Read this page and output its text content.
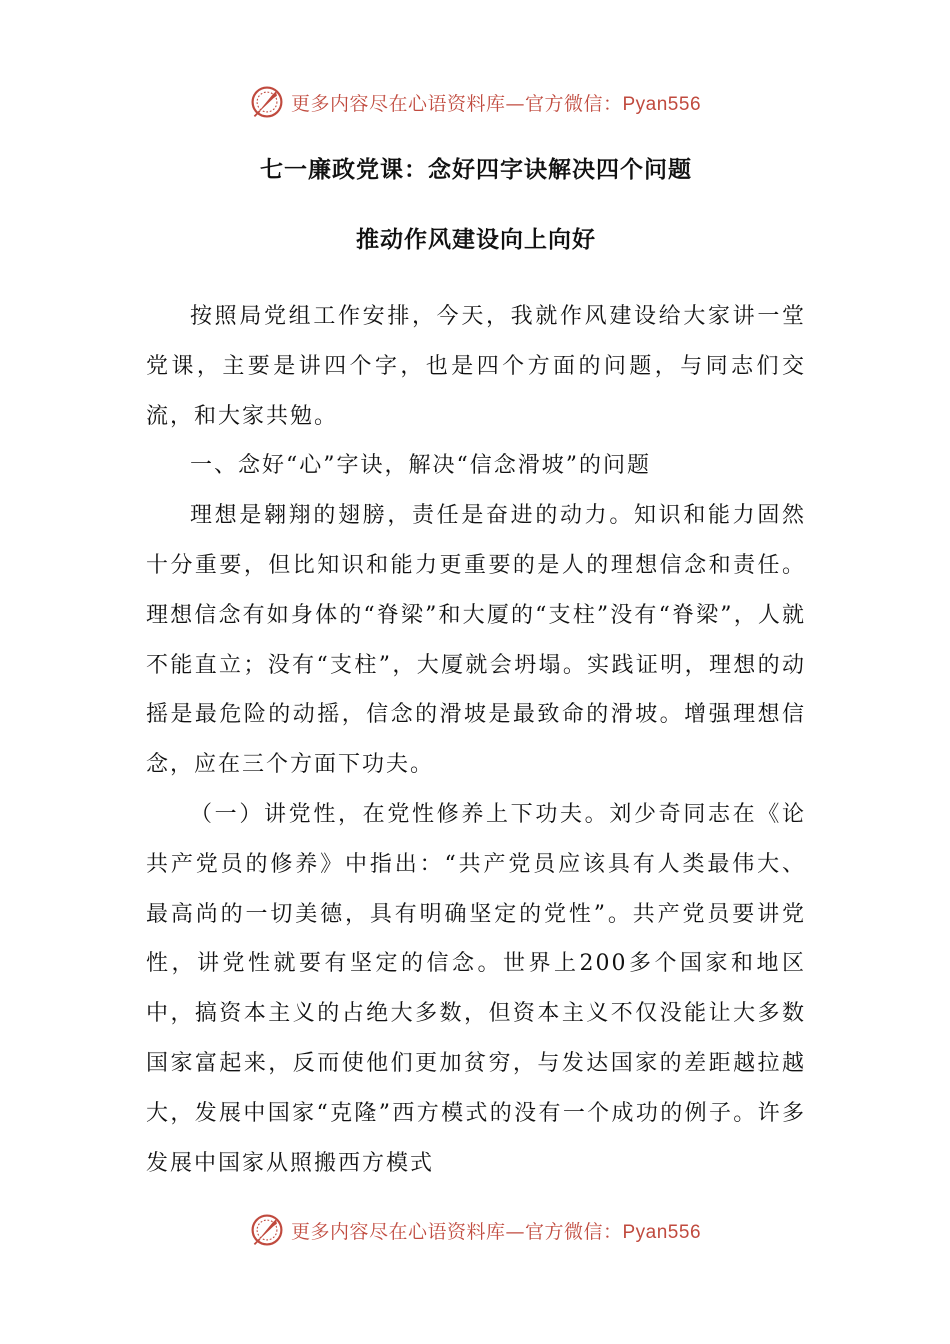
更多内容尽在心语资料库—官方微信：Pyan556
七一廉政党课：念好四字诀解决四个问题
推动作风建设向上向好

按照局党组工作安排，今天，我就作风建设给大家讲一堂党课，主要是讲四个字，也是四个方面的问题，与同志们交流，和大家共勉。

一、念好“心”字诀，解决“信念滑坡”的问题

理想是翱翔的翅膀，责任是奋进的动力。知识和能力固然十分重要，但比知识和能力更重要的是人的理想信念和责任。理想信念有如身体的“脊梁”和大厦的“支柱”没有“脊梁”，人就不能直立；没有“支柱”，大厦就会坍塌。实践证明，理想的动摇是最危险的动摇，信念的滑坡是最致命的滑坡。增强理想信念，应在三个方面下功夫。

（一）讲党性，在党性修养上下功夫。刘少奇同志在《论共产党员的修养》中指出：“共产党员应该具有人类最伟大、最高尚的一切美德，具有明确坚定的党性”。共产党员要讲党性，讲党性就要有坚定的信念。世界上200多个国家和地区中，搞资本主义的占绝大多数，但资本主义不仅没能让大多数国家富起来，反而使他们更加贫穷，与发达国家的差距越拉越大，发展中国家“克隆”西方模式的没有一个成功的例子。许多发展中国家从照搬西方模式

更多内容尽在心语资料库—官方微信：Pyan556
